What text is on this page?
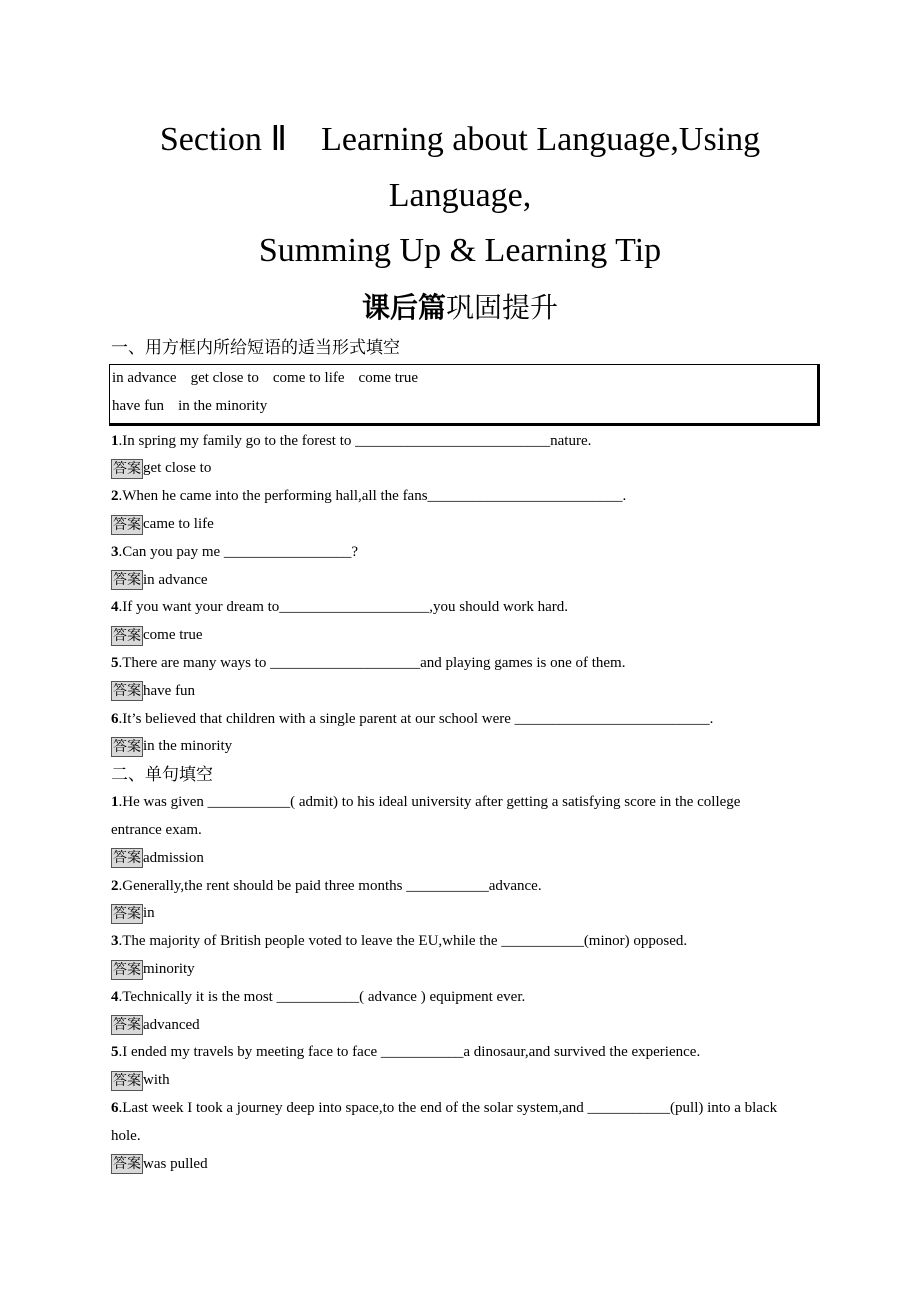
Section Ⅱ　Learning about Language,Using
Language,
Summing Up & Learning Tip
课后篇巩固提升
一、用方框内所给短语的适当形式填空
in advance get close to come to life come true
have fun in the minority
1.In spring my family go to the forest to __________________________nature.
答案 get close to
2.When he came into the performing hall,all the fans__________________________.
答案 came to life
3.Can you pay me _________________?
答案 in advance
4.If you want your dream to____________________,you should work hard.
答案 come true
5.There are many ways to ____________________and playing games is one of them.
答案 have fun
6.It’s believed that children with a single parent at our school were __________________________.
答案 in the minority
二、单句填空
1.He was given ___________( admit) to his ideal university after getting a satisfying score in the college entrance exam.
答案 admission
2.Generally,the rent should be paid three months ___________advance.
答案 in
3.The majority of British people voted to leave the EU,while the ___________(minor) opposed.
答案 minority
4.Technically it is the most ___________( advance ) equipment ever.
答案 advanced
5.I ended my travels by meeting face to face ___________a dinosaur,and survived the experience.
答案 with
6.Last week I took a journey deep into space,to the end of the solar system,and ___________(pull) into a black hole.
答案 was pulled
